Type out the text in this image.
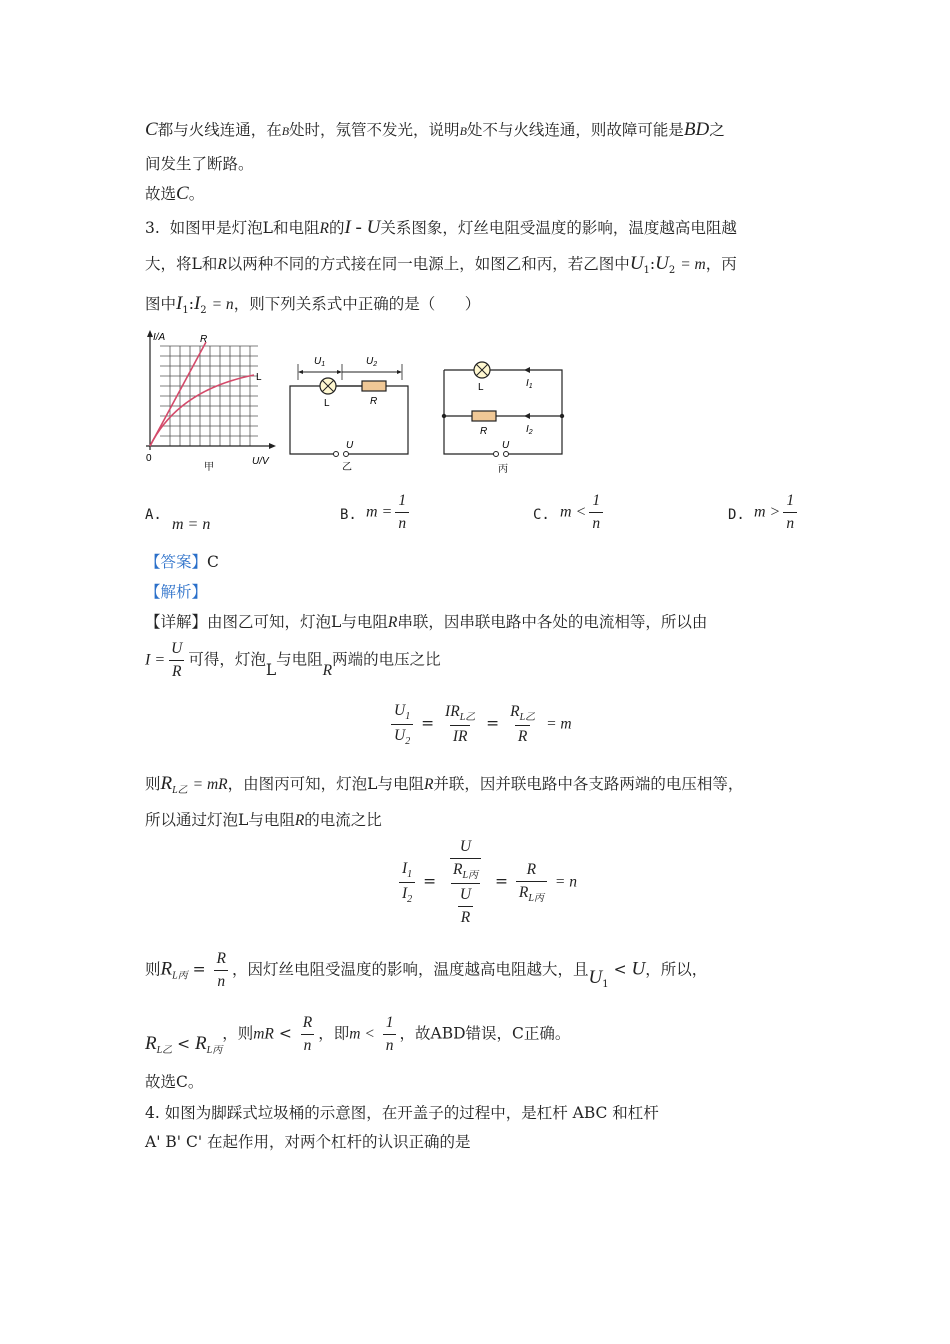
C都与火线连通，在B处时，氖管不发光，说明B处不与火线连通，则故障可能是BD之
间发生了断路。
故选C。
3. 如图甲是灯泡L和电阻R的I - U关系图象，灯丝电阻受温度的影响，温度越高电阻越
大，将L和R以两种不同的方式接在同一电源上，如图乙和丙，若乙图中$U_1:U_2 = m$，丙
图中$I_1:I_2 = n$，则下列关系式中正确的是（ ）
I/A	R
L
0	U/V
甲
$U_1$	$U_2$
L	R
U
乙
L	$I_1$
R	$I_2$
U
丙
A.
m = n
B. $m = \frac{1}{n}$	C. $m < \frac{1}{n}$	D. $m > \frac{1}{n}$
【答案】C
【解析】
【详解】由图乙可知，灯泡L与电阻R串联，因串联电路中各处的电流相等，所以由
$I = \frac{U}{R}$ 可得，灯泡L与电阻R两端的电压之比
$\frac{U_1}{U_2} = \frac{IR_{L乙}}{IR} = \frac{R_{L乙}}{R} = m$
则$R_{L乙}$ = mR，由图丙可知，灯泡L与电阻R并联，因并联电路中各支路两端的电压相等，
所以通过灯泡L与电阻R的电流之比
$\frac{I_1}{I_2} = \frac{\frac{U}{R_{L丙}}}{\frac{U}{R}} = \frac{R}{R_{L丙}} = n$
则$R_{L丙} = \frac{R}{n}$ ，因灯丝电阻受温度的影响，温度越高电阻越大，且$U_1 < U$，所以，
$R_{L乙} < R_{L丙}$，则mR < $\frac{R}{n}$ ，即$m < \frac{1}{n}$ ，故ABD错误，C正确。
故选C。
4. 如图为脚踩式垃圾桶的示意图，在开盖子的过程中，是杠杆 ABC 和杠杆
A' B' C' 在起作用，对两个杠杆的认识正确的是
